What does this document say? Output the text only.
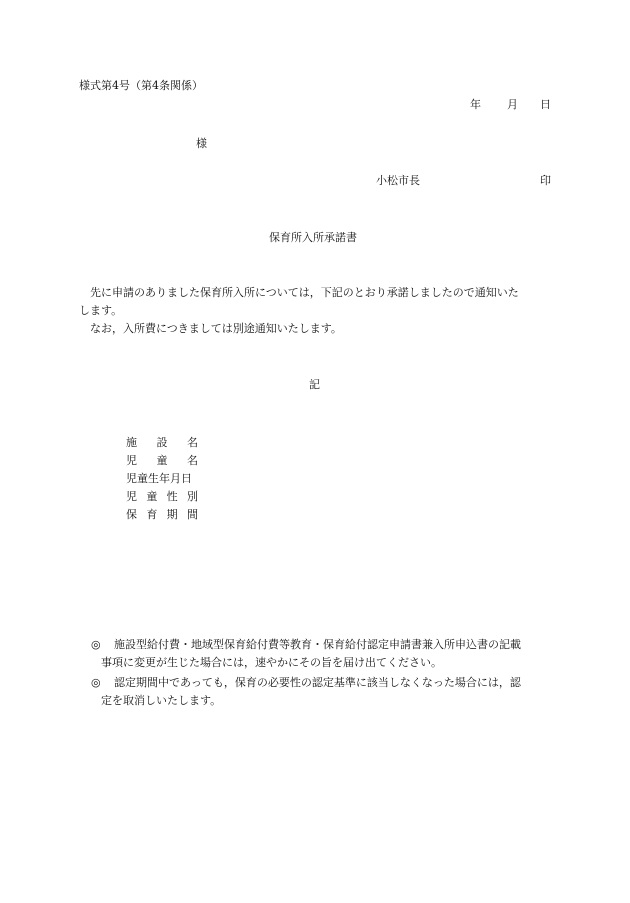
様式第4号（第4条関係）
年 月 日
様
小松市長	印
保育所入所承諾書
先に申請のありました保育所入所については，下記のとおり承諾しましたので通知いた
します。
なお，入所費につきましては別途通知いたします。
記
施 設 名
児 童 名
児童生年月日
児 童 性 別
保 育 期 間
◎ 施設型給付費・地域型保育給付費等教育・保育給付認定申請書兼入所申込書の記載
事項に変更が生じた場合には，速やかにその旨を届け出てください。
◎ 認定期間中であっても，保育の必要性の認定基準に該当しなくなった場合には，認
定を取消しいたします。
